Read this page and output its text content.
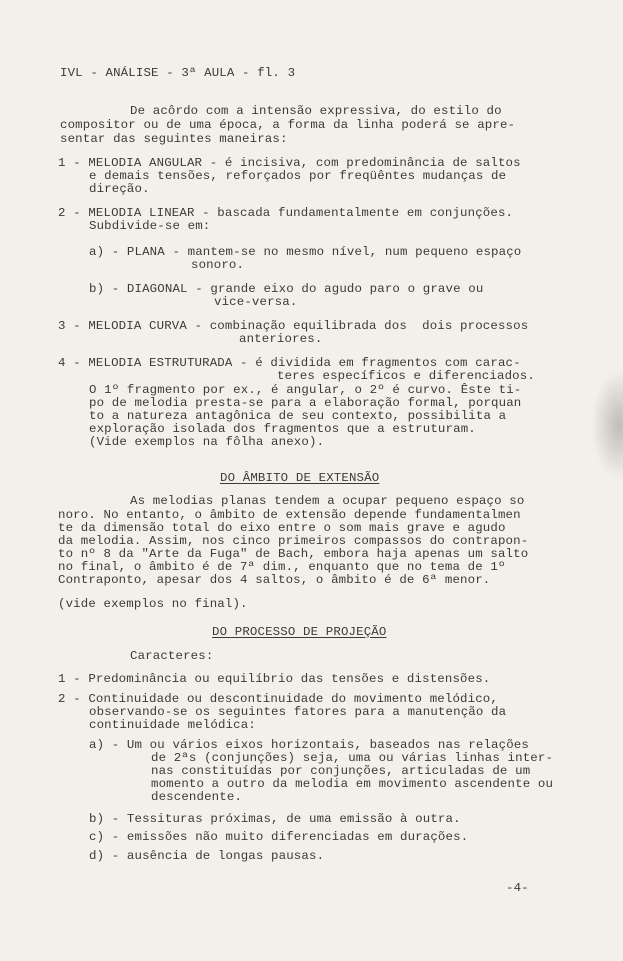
IVL - ANÁLISE - 3ª AULA - fl. 3
De acôrdo com a intensão expressiva, do estilo do
compositor ou de uma época, a forma da linha poderá se apre-
sentar das seguintes maneiras:
1 - MELODIA ANGULAR - é incisiva, com predominância de saltos
e demais tensões, reforçados por freqüêntes mudanças de
direção.
2 - MELODIA LINEAR - bascada fundamentalmente em conjunções.
Subdivide-se em:
a) - PLANA - mantem-se no mesmo nível, num pequeno espaço
sonoro.
b) - DIAGONAL - grande eixo do agudo paro o grave ou
vice-versa.
3 - MELODIA CURVA - combinação equilibrada dos  dois processos
anteriores.
4 - MELODIA ESTRUTURADA - é dividida em fragmentos com carac-
teres específicos e diferenciados.
O 1º fragmento por ex., é angular, o 2º é curvo. Êste ti-
po de melodia presta-se para a elaboração formal, porquan
to a natureza antagônica de seu contexto, possibilita a
exploração isolada dos fragmentos que a estruturam.
(Vide exemplos na fôlha anexo).
DO ÂMBITO DE EXTENSÃO
As melodias planas tendem a ocupar pequeno espaço so
noro. No entanto, o âmbito de extensão depende fundamentalmen
te da dimensão total do eixo entre o som mais grave e agudo
da melodia. Assim, nos cinco primeiros compassos do contrapon-
to nº 8 da "Arte da Fuga" de Bach, embora haja apenas um salto
no final, o âmbito é de 7ª dim., enquanto que no tema de 1º
Contraponto, apesar dos 4 saltos, o âmbito é de 6ª menor.
(vide exemplos no final).
DO PROCESSO DE PROJEÇÃO
Caracteres:
1 - Predominância ou equilíbrio das tensões e distensões.
2 - Continuidade ou descontinuidade do movimento melódico,
observando-se os seguintes fatores para a manutenção da
continuidade melódica:
a) - Um ou vários eixos horizontais, baseados nas relações
de 2ªs (conjunções) seja, uma ou várias linhas inter-
nas constituídas por conjunções, articuladas de um
momento a outro da melodia em movimento ascendente ou
descendente.
b) - Tessituras próximas, de uma emissão à outra.
c) - emissões não muito diferenciadas em durações.
d) - ausência de longas pausas.
-4-
